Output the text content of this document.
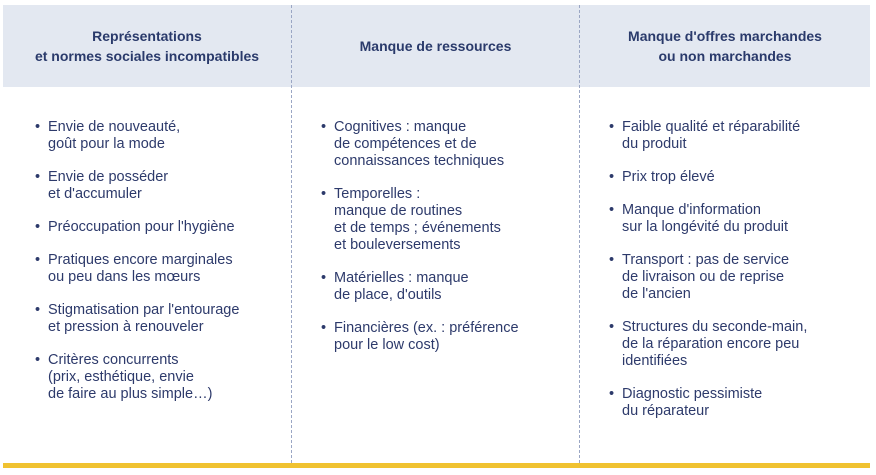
Représentations
et normes sociales incompatibles
Manque de ressources
Manque d'offres marchandes
ou non marchandes
• Envie de nouveauté,
goût pour la mode
• Envie de posséder
et d'accumuler
• Préoccupation pour l'hygiène
• Pratiques encore marginales
ou peu dans les mœurs
• Stigmatisation par l'entourage
et pression à renouveler
• Critères concurrents
(prix, esthétique, envie
de faire au plus simple…)
• Cognitives : manque
de compétences et de
connaissances techniques
• Temporelles :
manque de routines
et de temps ; événements
et bouleversements
• Matérielles : manque
de place, d'outils
• Financières (ex. : préférence
pour le low cost)
• Faible qualité et réparabilité
du produit
• Prix trop élevé
• Manque d'information
sur la longévité du produit
• Transport : pas de service
de livraison ou de reprise
de l'ancien
• Structures du seconde-main,
de la réparation encore peu
identifiées
• Diagnostic pessimiste
du réparateur
